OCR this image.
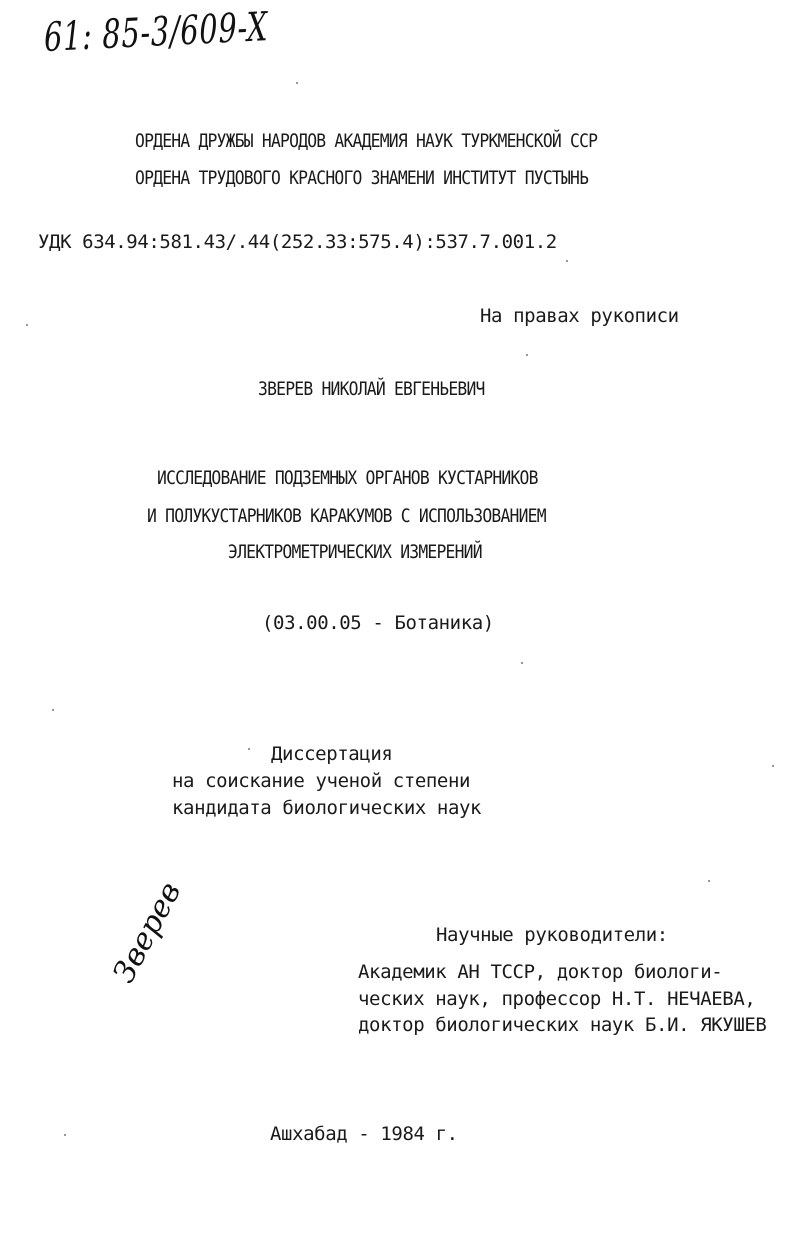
61: 85-3/609-X
ОРДЕНА ДРУЖБЫ НАРОДОВ АКАДЕМИЯ НАУК ТУРКМЕНСКОЙ ССР
ОРДЕНА ТРУДОВОГО КРАСНОГО ЗНАМЕНИ ИНСТИТУТ ПУСТЫНЬ
УДК 634.94:581.43/.44(252.33:575.4):537.7.001.2
На правах рукописи
ЗВЕРЕВ НИКОЛАЙ ЕВГЕНЬЕВИЧ
ИССЛЕДОВАНИЕ ПОДЗЕМНЫХ ОРГАНОВ КУСТАРНИКОВ
И ПОЛУКУСТАРНИКОВ КАРАКУМОВ С ИСПОЛЬЗОВАНИЕМ
ЭЛЕКТРОМЕТРИЧЕСКИХ ИЗМЕРЕНИЙ
(03.00.05 - Ботаника)
Диссертация
на соискание ученой степени
кандидата биологических наук
Научные руководители:
Академик АН ТССР, доктор биологи-
ческих наук, профессор Н.Т. НЕЧАЕВА,
доктор биологических наук Б.И. ЯКУШЕВ
Зверев
Ашхабад - 1984 г.
